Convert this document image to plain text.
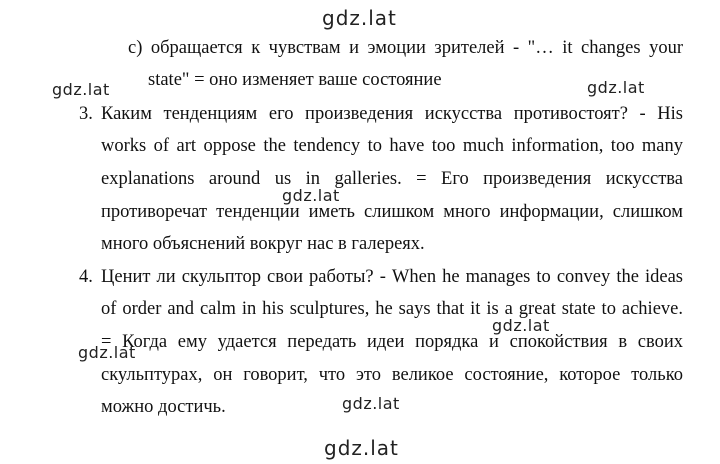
gdz.lat
gdz.lat	gdz.lat
gdz.lat
gdz.lat
gdz.lat
gdz.lat
gdz.lat
c) обращается к чувствам и эмоции зрителей - "… it changes your
state" = оно изменяет ваше состояние
3. Каким тенденциям его произведения искусства противостоят? - His
works of art oppose the tendency to have too much information, too many
explanations around us in galleries. = Его произведения искусства
противоречат тенденции иметь слишком много информации, слишком
много объяснений вокруг нас в галереях.
4. Ценит ли скульптор свои работы? - When he manages to convey the ideas
of order and calm in his sculptures, he says that it is a great state to achieve.
= Когда ему удается передать идеи порядка и спокойствия в своих
скульптурах, он говорит, что это великое состояние, которое только
можно достичь.
